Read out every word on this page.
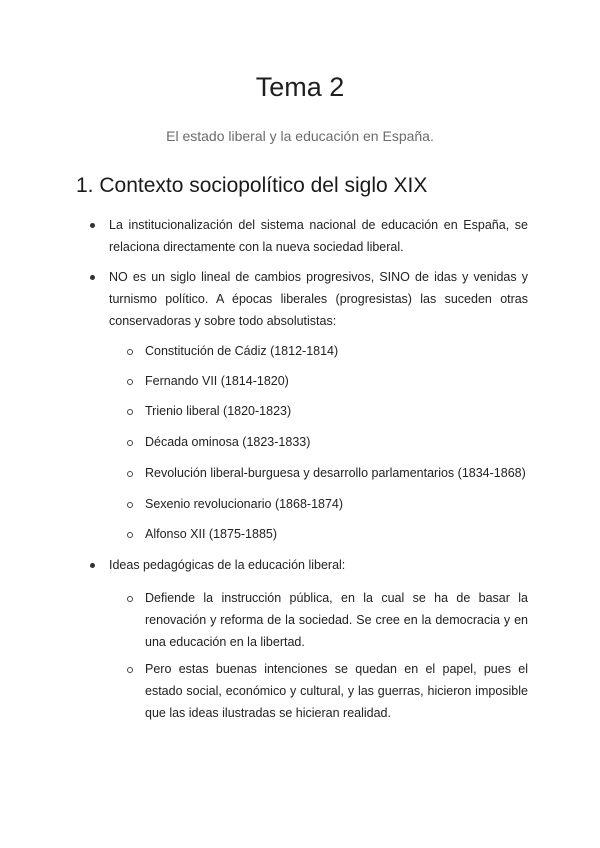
Tema 2

El estado liberal y la educación en España.

1. Contexto sociopolítico del siglo XIX
La institucionalización del sistema nacional de educación en España, se relaciona directamente con la nueva sociedad liberal.
NO es un siglo lineal de cambios progresivos, SINO de idas y venidas y turnismo político. A épocas liberales (progresistas) las suceden otras conservadoras y sobre todo absolutistas:
Constitución de Cádiz (1812-1814)
Fernando VII (1814-1820)
Trienio liberal (1820-1823)
Década ominosa (1823-1833)
Revolución liberal-burguesa y desarrollo parlamentarios (1834-1868)
Sexenio revolucionario (1868-1874)
Alfonso XII (1875-1885)
Ideas pedagógicas de la educación liberal:
Defiende la instrucción pública, en la cual se ha de basar la renovación y reforma de la sociedad. Se cree en la democracia y en una educación en la libertad.
Pero estas buenas intenciones se quedan en el papel, pues el estado social, económico y cultural, y las guerras, hicieron imposible que las ideas ilustradas se hicieran realidad.
